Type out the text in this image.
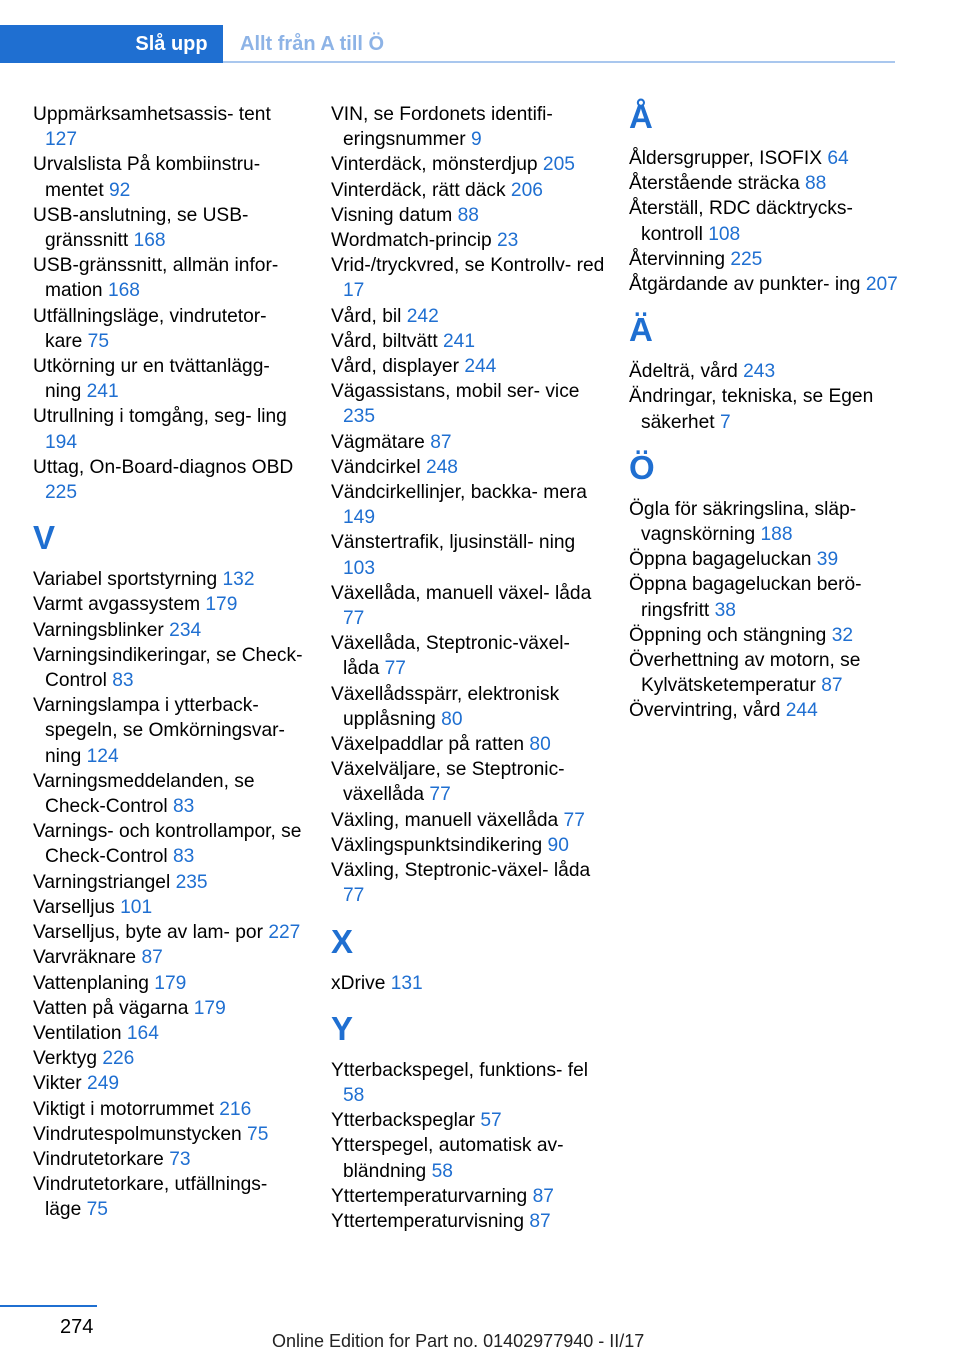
Slå upp	Allt från A till Ö
Uppmärksamhetsassis- tent 127
Urvalslista På kombiinstru- mentet 92
USB-anslutning, se USB- gränssnitt 168
USB-gränssnitt, allmän infor- mation 168
Utfällningsläge, vindrutetor- kare 75
Utkörning ur en tvättanlägg- ning 241
Utrullning i tomgång, seg- ling 194
Uttag, On-Board-diagnos OBD 225
V
Variabel sportstyrning 132
Varmt avgassystem 179
Varningsblinker 234
Varningsindikeringar, se Check-Control 83
Varningslampa i ytterback- spegeln, se Omkörningsvar- ning 124
Varningsmeddelanden, se Check-Control 83
Varnings- och kontrollampor, se Check-Control 83
Varningstriangel 235
Varselljus 101
Varselljus, byte av lam- por 227
Varvräknare 87
Vattenplaning 179
Vatten på vägarna 179
Ventilation 164
Verktyg 226
Vikter 249
Viktigt i motorrummet 216
Vindrutespolmunstycken 75
Vindrutetorkare 73
Vindrutetorkare, utfällnings- läge 75
VIN, se Fordonets identifi- eringsnummer 9
Vinterdäck, mönsterdjup 205
Vinterdäck, rätt däck 206
Visning datum 88
Wordmatch-princip 23
Vrid-/tryckvred, se Kontrollv- red 17
Vård, bil 242
Vård, biltvätt 241
Vård, displayer 244
Vägassistans, mobil ser- vice 235
Vägmätare 87
Vändcirkel 248
Vändcirkellinjer, backka- mera 149
Vänstertrafik, ljusinställ- ning 103
Växellåda, manuell växel- låda 77
Växellåda, Steptronic-växel- låda 77
Växellådsspärr, elektronisk upplåsning 80
Växelpaddlar på ratten 80
Växelväljare, se Steptronic- växellåda 77
Växling, manuell växellåda 77
Växlingspunktsindikering 90
Växling, Steptronic-växel- låda 77
X
xDrive 131
Y
Ytterbackspegel, funktions- fel 58
Ytterbackspeglar 57
Ytterspegel, automatisk av- bländning 58
Yttertemperaturvarning 87
Yttertemperaturvisning 87
Å
Åldersgrupper, ISOFIX 64
Återstående sträcka 88
Återställ, RDC däcktrycks- kontroll 108
Återvinning 225
Åtgärdande av punkter- ing 207
Ä
Ädelträ, vård 243
Ändringar, tekniska, se Egen säkerhet 7
Ö
Ögla för säkringslina, släp- vagnskörning 188
Öppna bagageluckan 39
Öppna bagageluckan berö- ringsfritt 38
Öppning och stängning 32
Överhettning av motorn, se Kylvätsketemperatur 87
Övervintring, vård 244
274
Online Edition for Part no. 01402977940 - II/17
